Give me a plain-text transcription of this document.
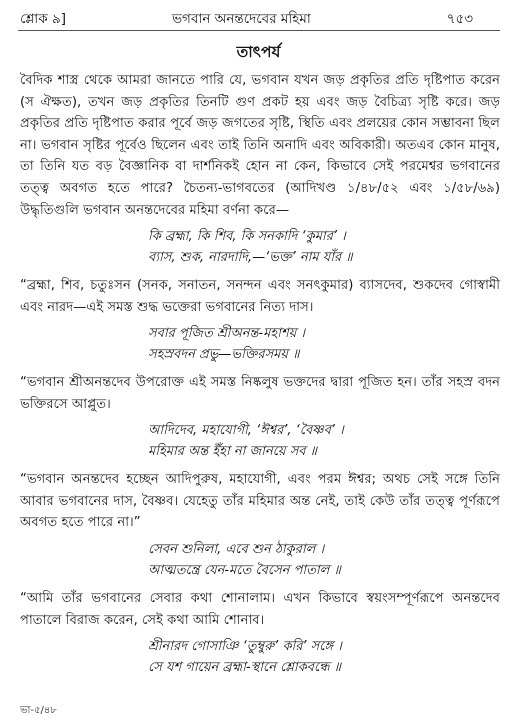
শ্লোক ৯]	ভগবান অনন্তদেবের মহিমা	৭৫৩
তাৎপর্য

বৈদিক শাস্ত্র থেকে আমরা জানতে পারি যে, ভগবান যখন জড় প্রকৃতির প্রতি দৃষ্টিপাত করেন (স ঐক্ষত), তখন জড় প্রকৃতির তিনটি গুণ প্রকট হয় এবং জড় বৈচিত্র্য সৃষ্টি করে। জড় প্রকৃতির প্রতি দৃষ্টিপাত করার পূর্বে জড় জগতের সৃষ্টি, স্থিতি এবং প্রলয়ের কোন সম্ভাবনা ছিল না। ভগবান সৃষ্টির পূর্বেও ছিলেন এবং তাই তিনি অনাদি এবং অবিকারী। অতএব কোন মানুষ, তা তিনি যত বড় বৈজ্ঞানিক বা দার্শনিকই হোন না কেন, কিভাবে সেই পরমেশ্বর ভগবানের তত্ত্ব অবগত হতে পারে? চৈতন্য-ভাগবতের (আদিখণ্ড ১/৪৮/৫২ এবং ১/৫৮/৬৯) উদ্ধৃতিগুলি ভগবান অনন্তদেবের মহিমা বর্ণনা করে—

কি ব্রহ্মা, কি শিব, কি সনকাদি ‘কুমার’ ।

ব্যাস, শুক, নারদাদি,—‘ভক্ত’ নাম যাঁর ॥

“ব্রহ্মা, শিব, চতুঃসন (সনক, সনাতন, সনন্দন এবং সনৎকুমার) ব্যাসদেব, শুকদেব গোস্বামী এবং নারদ—এই সমস্ত শুদ্ধ ভক্তেরা ভগবানের নিত্য দাস।

সবার পূজিত শ্রীঅনন্ত-মহাশয় ।

সহস্রবদন প্রভু—ভক্তিরসময় ॥

“ভগবান শ্রীঅনন্তদেব উপরোক্ত এই সমস্ত নিষ্কলুষ ভক্তদের দ্বারা পূজিত হন। তাঁর সহস্র বদন ভক্তিরসে আপ্লুত।

আদিদেব, মহাযোগী, ‘ঈশ্বর’, ‘বৈষ্ণব’ ।

মহিমার অন্ত ইঁহা না জানয়ে সব ॥

“ভগবান অনন্তদেব হচ্ছেন আদিপুরুষ, মহাযোগী, এবং পরম ঈশ্বর; অথচ সেই সঙ্গে তিনি আবার ভগবানের দাস, বৈষ্ণব। যেহেতু তাঁর মহিমার অন্ত নেই, তাই কেউ তাঁর তত্ত্ব পূর্ণরূপে অবগত হতে পারে না।”

সেবন শুনিলা, এবে শুন ঠাকুরাল ।

আত্মতন্ত্রে যেন-মতে বৈসেন পাতাল ॥

ভা-৫/৪৮

“আমি তাঁর ভগবানের সেবার কথা শোনালাম। এখন কিভাবে স্বয়ংসম্পূর্ণরূপে অনন্তদেব পাতালে বিরাজ করেন, সেই কথা আমি শোনাব।

শ্রীনারদ গোসাঞি ‘তুম্বুরু’ করি’ সঙ্গে ।

সে যশ গায়েন ব্রহ্মা-স্থানে শ্লোকবন্ধে ॥
